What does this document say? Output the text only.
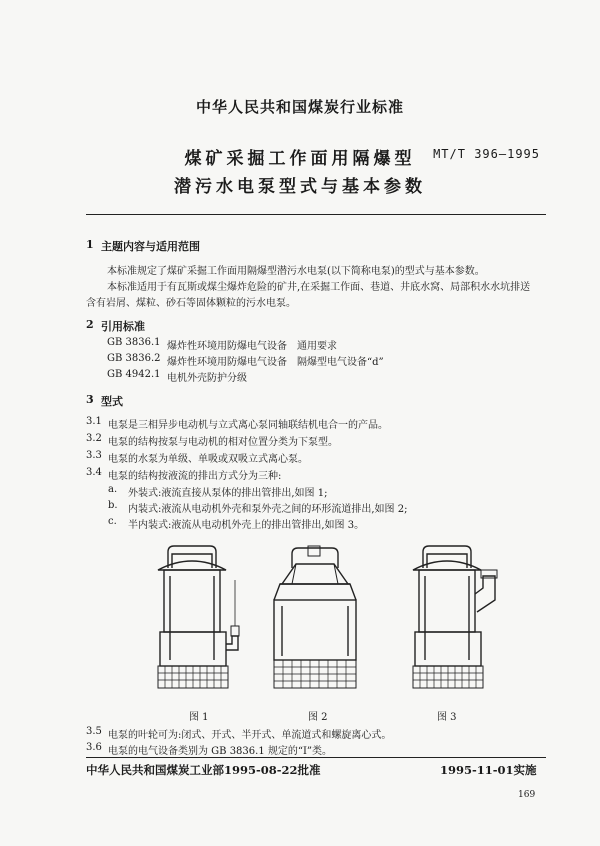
中华人民共和国煤炭行业标准
煤矿采掘工作面用隔爆型	MT/T 396—1995
潜污水电泵型式与基本参数
1 主题内容与适用范围
本标准规定了煤矿采掘工作面用隔爆型潜污水电泵(以下简称电泵)的型式与基本参数。
本标准适用于有瓦斯或煤尘爆炸危险的矿井,在采掘工作面、巷道、井底水窝、局部积水水坑排送
含有岩屑、煤粒、砂石等固体颗粒的污水电泵。
2 引用标准
GB 3836.1 爆炸性环境用防爆电气设备　通用要求
GB 3836.2 爆炸性环境用防爆电气设备　隔爆型电气设备“d”
GB 4942.1 电机外壳防护分级
3 型式
3.1 电泵是三相异步电动机与立式离心泵同轴联结机电合一的产品。
3.2 电泵的结构按泵与电动机的相对位置分类为下泵型。
3.3 电泵的水泵为单级、单吸或双吸立式离心泵。
3.4 电泵的结构按液流的排出方式分为三种:
a. 外装式:液流直接从泵体的排出管排出,如图 1;
b. 内装式:液流从电动机外壳和泵外壳之间的环形流道排出,如图 2;
c. 半内装式:液流从电动机外壳上的排出管排出,如图 3。
图 1	图 2	图 3
3.5 电泵的叶轮可为:闭式、开式、半开式、单流道式和螺旋离心式。
3.6 电泵的电气设备类别为 GB 3836.1 规定的“I”类。
中华人民共和国煤炭工业部1995-08-22批准	1995-11-01实施
169
